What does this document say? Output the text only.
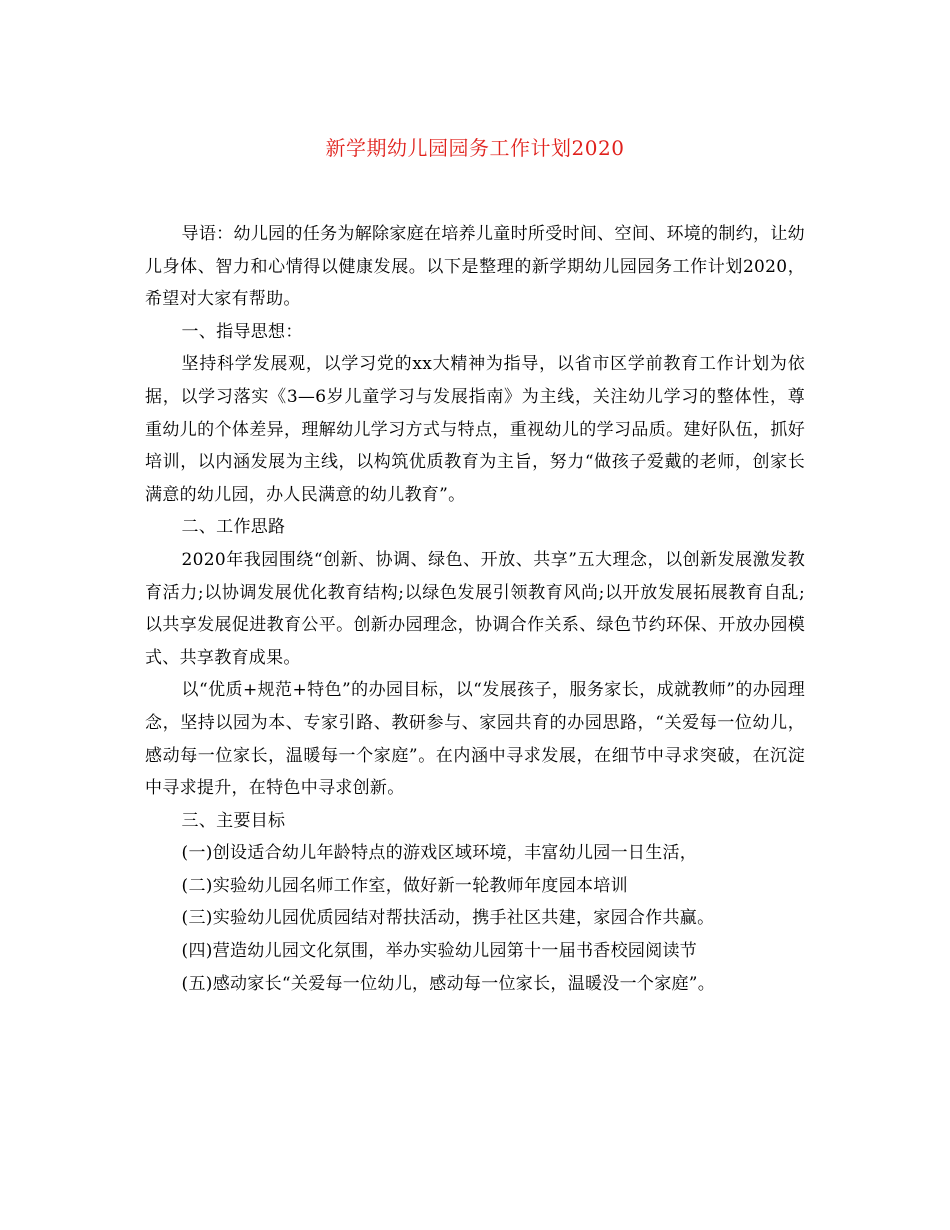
新学期幼儿园园务工作计划2020

导语：幼儿园的任务为解除家庭在培养儿童时所受时间、空间、环境的制约，让幼儿身体、智力和心情得以健康发展。以下是整理的新学期幼儿园园务工作计划2020，希望对大家有帮助。

一、指导思想：

坚持科学发展观，以学习党的xx大精神为指导，以省市区学前教育工作计划为依据，以学习落实《3—6岁儿童学习与发展指南》为主线，关注幼儿学习的整体性，尊重幼儿的个体差异，理解幼儿学习方式与特点，重视幼儿的学习品质。建好队伍，抓好培训，以内涵发展为主线，以构筑优质教育为主旨，努力“做孩子爱戴的老师，创家长满意的幼儿园，办人民满意的幼儿教育”。

二、工作思路

2020年我园围绕“创新、协调、绿色、开放、共享”五大理念，以创新发展激发教育活力;以协调发展优化教育结构;以绿色发展引领教育风尚;以开放发展拓展教育自乱;以共享发展促进教育公平。创新办园理念，协调合作关系、绿色节约环保、开放办园模式、共享教育成果。

以“优质+规范+特色”的办园目标，以“发展孩子，服务家长，成就教师”的办园理念，坚持以园为本、专家引路、教研参与、家园共育的办园思路，“关爱每一位幼儿，感动每一位家长，温暖每一个家庭”。在内涵中寻求发展，在细节中寻求突破，在沉淀中寻求提升，在特色中寻求创新。

三、主要目标

(一)创设适合幼儿年龄特点的游戏区域环境，丰富幼儿园一日生活，

(二)实验幼儿园名师工作室，做好新一轮教师年度园本培训

(三)实验幼儿园优质园结对帮扶活动，携手社区共建，家园合作共赢。

(四)营造幼儿园文化氛围，举办实验幼儿园第十一届书香校园阅读节

(五)感动家长“关爱每一位幼儿，感动每一位家长，温暖没一个家庭”。
